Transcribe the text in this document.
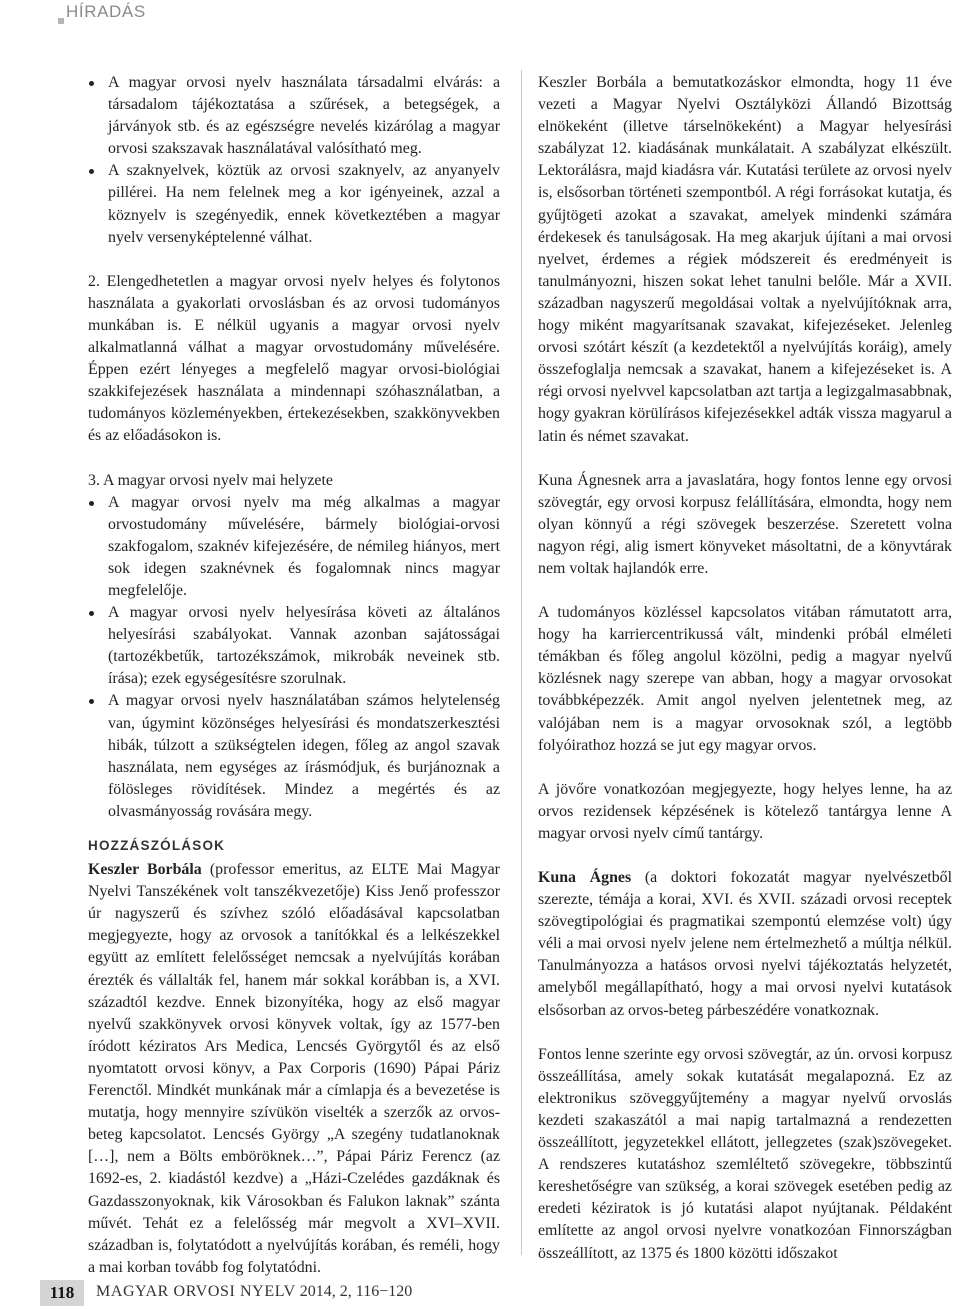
HÍRADÁS
A magyar orvosi nyelv használata társadalmi elvárás: a társadalom tájékoztatása a szűrések, a betegségek, a járványok stb. és az egészségre nevelés kizárólag a magyar orvosi szakszavak használatával valósítható meg.
A szaknyelvek, köztük az orvosi szaknyelv, az anyanyelv pillérei. Ha nem felelnek meg a kor igényeinek, azzal a köznyelv is szegényedik, ennek következtében a magyar nyelv versenyképtelenné válhat.

2. Elengedhetetlen a magyar orvosi nyelv helyes és folytonos használata a gyakorlati orvoslásban és az orvosi tudományos munkában is. E nélkül ugyanis a magyar orvosi nyelv alkalmatlanná válhat a magyar orvostudomány művelésére. Éppen ezért lényeges a megfelelő magyar orvosi-biológiai szakkifejezések használata a mindennapi szóhasználatban, a tudományos közleményekben, értekezésekben, szakkönyvekben és az előadásokon is.

3. A magyar orvosi nyelv mai helyzete

A magyar orvosi nyelv ma még alkalmas a magyar orvostudomány művelésére, bármely biológiai-orvosi szakfogalom, szaknév kifejezésére, de némileg hiányos, mert sok idegen szaknévnek és fogalomnak nincs magyar megfelelője.
A magyar orvosi nyelv helyesírása követi az általános helyesírási szabályokat. Vannak azonban sajátosságai (tartozékbetűk, tartozékszámok, mikrobák neveinek stb. írása); ezek egységesítésre szorulnak.
A magyar orvosi nyelv használatában számos helytelenség van, úgymint közönséges helyesírási és mondatszerkesztési hibák, túlzott a szükségtelen idegen, főleg az angol szavak használata, nem egységes az írásmódjuk, és burjánoznak a fölösleges rövidítések. Mindez a megértés és az olvasmányosság rovására megy.
HOZZÁSZÓLÁSOK

Keszler Borbála (professor emeritus, az ELTE Mai Magyar Nyelvi Tanszékének volt tanszékvezetője) Kiss Jenő professzor úr nagyszerű és szívhez szóló előadásával kapcsolatban megjegyezte, hogy az orvosok a tanítókkal és a lelkészekkel együtt az említett felelősséget nemcsak a nyelvújítás korában érezték és vállalták fel, hanem már sokkal korábban is, a XVI. századtól kezdve. Ennek bizonyítéka, hogy az első magyar nyelvű szakkönyvek orvosi könyvek voltak, így az 1577-ben íródott kéziratos Ars Medica, Lencsés Györgytől és az első nyomtatott orvosi könyv, a Pax Corporis (1690) Pápai Páriz Ferenctől. Mindkét munkának már a címlapja és a bevezetése is mutatja, hogy mennyire szívükön viselték a szerzők az orvos-beteg kapcsolatot. Lencsés György „A szegény tudatlanoknak […], nem a Bölts emböröknek…”, Pápai Páriz Ferencz (az 1692-es, 2. kiadástól kezdve) a „Házi-Czelédes gazdáknak és Gazdasszonyoknak, kik Városokban és Falukon laknak” szánta művét. Tehát ez a felelősség már megvolt a XVI–XVII. században is, folytatódott a nyelvújítás korában, és reméli, hogy a mai korban tovább fog folytatódni.

Keszler Borbála a bemutatkozáskor elmondta, hogy 11 éve vezeti a Magyar Nyelvi Osztályközi Állandó Bizottság elnökeként (illetve társelnökeként) a Magyar helyesírási szabályzat 12. kiadásának munkálatait. A szabályzat elkészült. Lektorálásra, majd kiadásra vár. Kutatási területe az orvosi nyelv is, elsősorban történeti szempontból. A régi forrásokat kutatja, és gyűjtögeti azokat a szavakat, amelyek mindenki számára érdekesek és tanulságosak. Ha meg akarjuk újítani a mai orvosi nyelvet, érdemes a régiek módszereit és eredményeit is tanulmányozni, hiszen sokat lehet tanulni belőle. Már a XVII. században nagyszerű megoldásai voltak a nyelvújítóknak arra, hogy miként magyarítsanak szavakat, kifejezéseket. Jelenleg orvosi szótárt készít (a kezdetektől a nyelvújítás koráig), amely összefoglalja nemcsak a szavakat, hanem a kifejezéseket is. A régi orvosi nyelvvel kapcsolatban azt tartja a legizgalmasabbnak, hogy gyakran körülírásos kifejezésekkel adták vissza magyarul a latin és német szavakat.

Kuna Ágnesnek arra a javaslatára, hogy fontos lenne egy orvosi szövegtár, egy orvosi korpusz felállítására, elmondta, hogy nem olyan könnyű a régi szövegek beszerzése. Szeretett volna nagyon régi, alig ismert könyveket másoltatni, de a könyvtárak nem voltak hajlandók erre.

A tudományos közléssel kapcsolatos vitában rámutatott arra, hogy ha karriercentrikussá vált, mindenki próbál elméleti témákban és főleg angolul közölni, pedig a magyar nyelvű közlésnek nagy szerepe van abban, hogy a magyar orvosokat továbbképezzék. Amit angol nyelven jelentetnek meg, az valójában nem is a magyar orvosoknak szól, a legtöbb folyóirathoz hozzá se jut egy magyar orvos.

A jövőre vonatkozóan megjegyezte, hogy helyes lenne, ha az orvos rezidensek képzésének is kötelező tantárgya lenne A magyar orvosi nyelv című tantárgy.

Kuna Ágnes (a doktori fokozatát magyar nyelvészetből szerezte, témája a korai, XVI. és XVII. századi orvosi receptek szövegtipológiai és pragmatikai szempontú elemzése volt) úgy véli a mai orvosi nyelv jelene nem értelmezhető a múltja nélkül. Tanulmányozza a hatásos orvosi nyelvi tájékoztatás helyzetét, amelyből megállapítható, hogy a mai orvosi nyelvi kutatások elsősorban az orvos-beteg párbeszédére vonatkoznak.

Fontos lenne szerinte egy orvosi szövegtár, az ún. orvosi korpusz összeállítása, amely sokak kutatását megalapozná. Ez az elektronikus szöveggyűjtemény a magyar nyelvű orvoslás kezdeti szakaszától a mai napig tartalmazná a rendezetten összeállított, jegyzetekkel ellátott, jellegzetes (szak)szövegeket. A rendszeres kutatáshoz szemléltető szövegekre, többszintű kereshetőségre van szükség, a korai szövegek esetében pedig az eredeti kéziratok is jó kutatási alapot nyújtanak. Példaként említette az angol orvosi nyelvre vonatkozóan Finnországban összeállított, az 1375 és 1800 közötti időszakot

118	MAGYAR ORVOSI NYELV 2014, 2, 116−120
